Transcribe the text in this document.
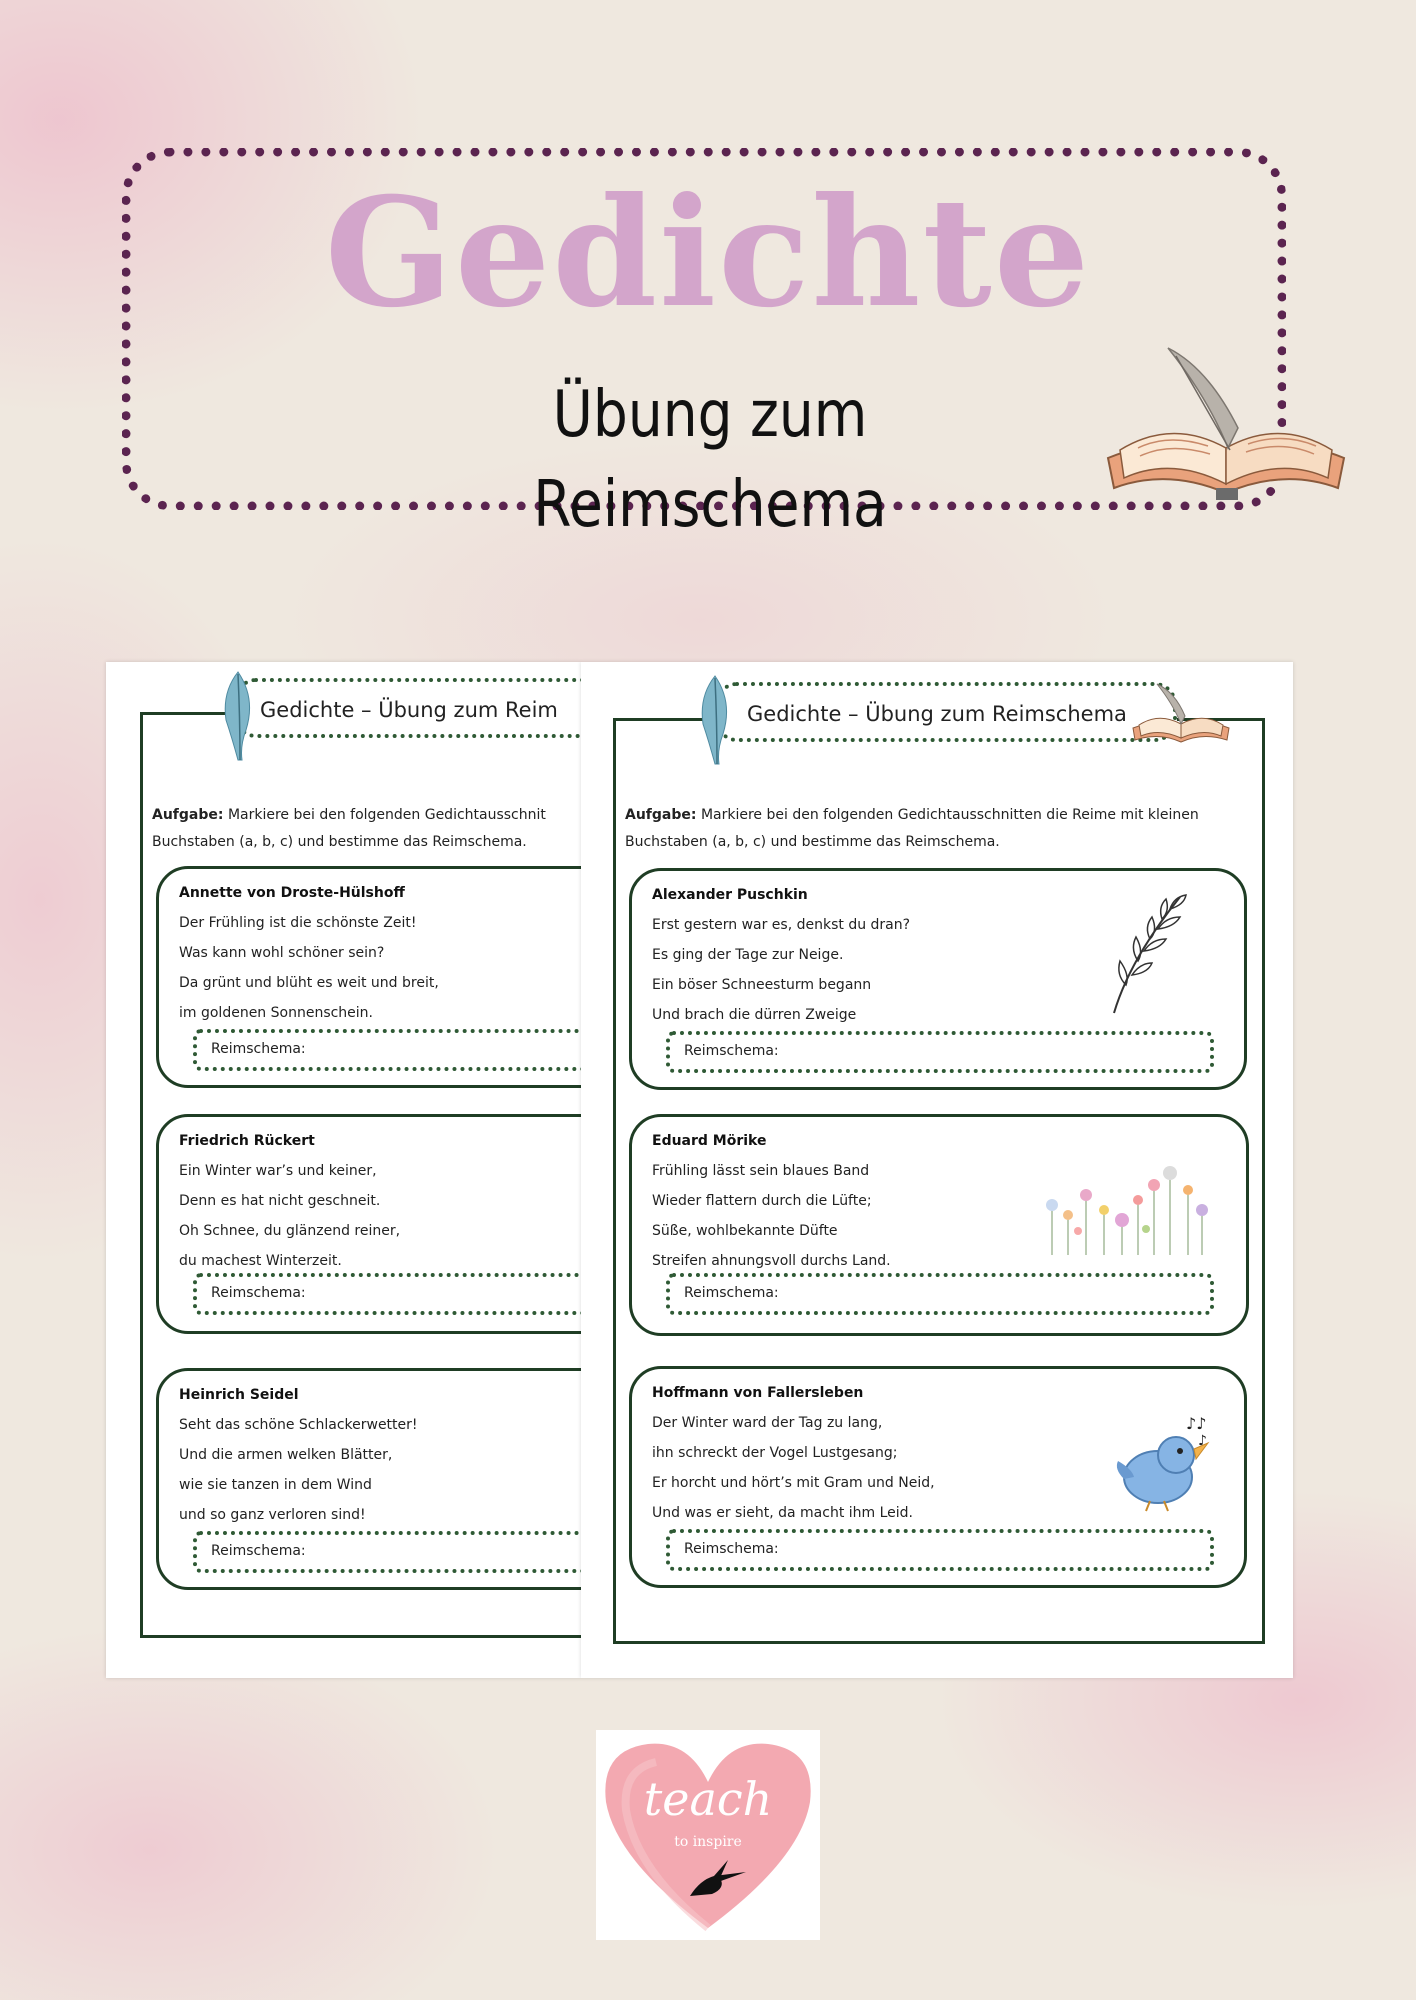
Gedichte
Übung zum Reimschema
Gedichte – Übung zum Reim
Aufgabe: Markiere bei den folgenden Gedichtausschnit
Buchstaben (a, b, c) und bestimme das Reimschema.
Annette von Droste-Hülshoff
Der Frühling ist die schönste Zeit!
Was kann wohl schöner sein?
Da grünt und blüht es weit und breit,
im goldenen Sonnenschein.
Reimschema:
Friedrich Rückert
Ein Winter war’s und keiner,
Denn es hat nicht geschneit.
Oh Schnee, du glänzend reiner,
du machest Winterzeit.
Reimschema:
Heinrich Seidel
Seht das schöne Schlackerwetter!
Und die armen welken Blätter,
wie sie tanzen in dem Wind
und so ganz verloren sind!
Reimschema:
Gedichte – Übung zum Reimschema
Aufgabe: Markiere bei den folgenden Gedichtausschnitten die Reime mit kleinen
Buchstaben (a, b, c) und bestimme das Reimschema.
Alexander Puschkin
Erst gestern war es, denkst du dran?
Es ging der Tage zur Neige.
Ein böser Schneesturm begann
Und brach die dürren Zweige
Reimschema:
Eduard Mörike
Frühling lässt sein blaues Band
Wieder flattern durch die Lüfte;
Süße, wohlbekannte Düfte
Streifen ahnungsvoll durchs Land.
Reimschema:
Hoffmann von Fallersleben
Der Winter ward der Tag zu lang,
ihn schreckt der Vogel Lustgesang;
Er horcht und hört’s mit Gram und Neid,
Und was er sieht, da macht ihm Leid.
♪♪
♪
Reimschema:
teach
to inspire
